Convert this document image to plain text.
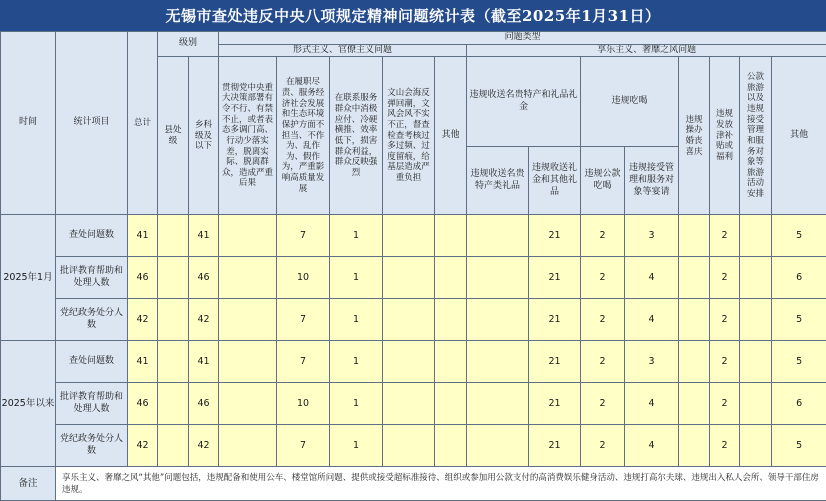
无锡市查处违反中央八项规定精神问题统计表（截至2025年1月31日）
时间	统计项目	总计	级别		问题类型												
					形式主义、官僚主义问题					享乐主义、奢靡之风问题							
			县处级	乡科级及以下	贯彻党中央重大决策部署有令不行、有禁不止，或者表态多调门高、行动少落实差，脱离实际、脱离群众，造成严重后果	在履职尽责、服务经济社会发展和生态环境保护方面不担当、不作为、乱作为、假作为，严重影响高质量发展	在联系服务群众中消极应付、冷硬横推、效率低下，损害群众利益，群众反映强烈	文山会海反弹回潮，文风会风不实不正，督查检查考核过多过频、过度留痕，给基层造成严重负担	其他	违规收送名贵特产和礼品礼金		违规吃喝		违规操办婚丧喜庆	违规发放津补贴或福利	公款旅游以及违规接受管理和服务对象等旅游活动安排	其他
										违规收送名贵特产类礼品	违规收送礼金和其他礼品	违规公款吃喝	违规接受管理和服务对象等宴请				
2025年1月	查处问题数	41		41		7	1				21	2	3		2		5
	批评教育帮助和处理人数	46		46		10	1				21	2	4		2		6
	党纪政务处分人数	42		42		7	1				21	2	4		2		5
2025年以来	查处问题数	41		41		7	1				21	2	3		2		5
	批评教育帮助和处理人数	46		46		10	1				21	2	4		2		6
	党纪政务处分人数	42		42		7	1				21	2	4		2		5
备注	享乐主义、奢靡之风“其他”问题包括，违规配备和使用公车、楼堂馆所问题、提供或接受超标准接待、组织或参加用公款支付的高消费娱乐健身活动、违规打高尔夫球、违规出入私人会所、领导干部住房违规。																
